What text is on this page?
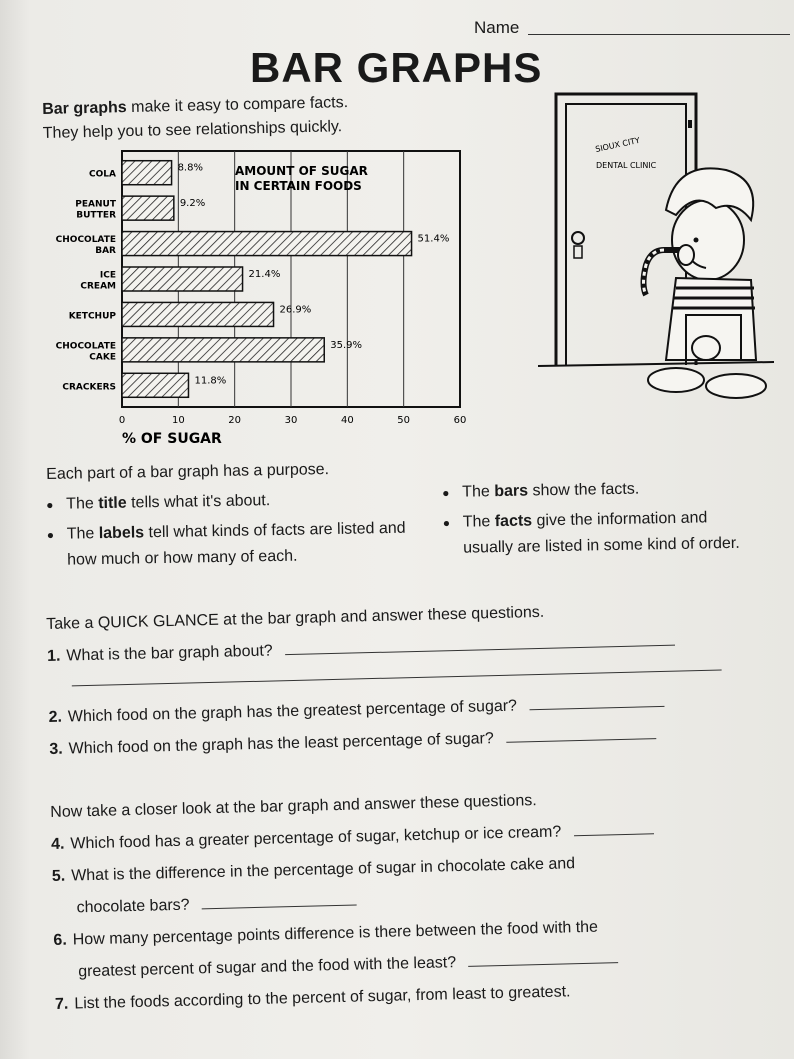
Name
BAR GRAPHS
Bar graphs make it easy to compare facts.
They help you to see relationships quickly.
0	10	20	30	40	50	60
% OF SUGAR
AMOUNT OF SUGAR
IN CERTAIN FOODS
8.8%
COLA
9.2%
PEANUT
BUTTER
51.4%
CHOCOLATE
BAR
21.4%
ICE
CREAM
26.9%
KETCHUP
35.9%
CHOCOLATE
CAKE
11.8%
CRACKERS
SIOUX CITY
DENTAL CLINIC
Each part of a bar graph has a purpose.
● The title tells what it's about.
● The labels tell what kinds of facts are listed and how much or how many of each.
● The bars show the facts.
● The facts give the information and usually are listed in some kind of order.
Take a QUICK GLANCE at the bar graph and answer these questions.
1. What is the bar graph about?
2. Which food on the graph has the greatest percentage of sugar?
3. Which food on the graph has the least percentage of sugar?
Now take a closer look at the bar graph and answer these questions.
4. Which food has a greater percentage of sugar, ketchup or ice cream?
5. What is the difference in the percentage of sugar in chocolate cake and
chocolate bars?
6. How many percentage points difference is there between the food with the
greatest percent of sugar and the food with the least?
7. List the foods according to the percent of sugar, from least to greatest.
